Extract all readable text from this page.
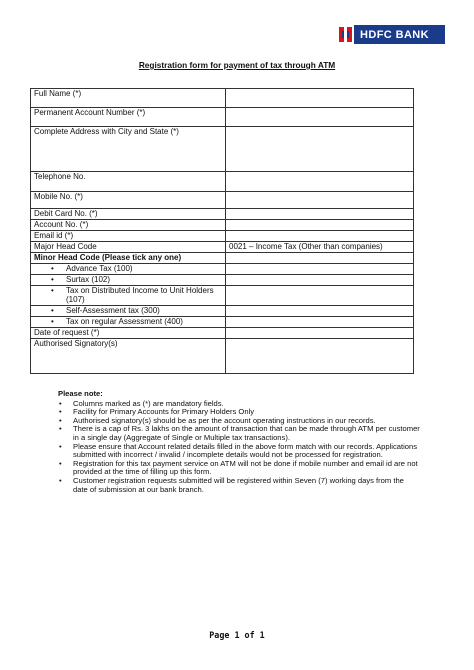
HDFC BANK
Registration form for payment of tax through ATM
Full Name (*)	
Permanent Account Number (*)	
Complete Address with City and State (*)	
Telephone No.	
Mobile No. (*)	
Debit Card No. (*)	
Account No. (*)	
Email id (*)	
Major Head Code	0021 – Income Tax (Other than companies)
Minor Head Code (Please tick any one)	

• Advance Tax (100)	

• Surtax (102)	

• Tax on Distributed Income to Unit Holders (107)	

• Self-Assessment tax (300)	

• Tax on regular Assessment (400)	

Date of request (*)	
Authorised Signatory(s)	
Please note:
•	Columns marked as (*) are mandatory fields.
•	Facility for Primary Accounts for Primary Holders Only
•	Authorised signatory(s) should be as per the account operating instructions in our records.
•	There is a cap of Rs. 3 lakhs on the amount of transaction that can be made through ATM per customer in a single day (Aggregate of Single or Multiple tax transactions).
•	Please ensure that Account related details filled in the above form match with our records. Applications submitted with incorrect / invalid / incomplete details would not be processed for registration.
•	Registration for this tax payment service on ATM will not be done if mobile number and email id are not provided at the time of filling up this form.
•	Customer registration requests submitted will be registered within Seven (7) working days from the date of submission at our bank branch.
Page 1 of 1
